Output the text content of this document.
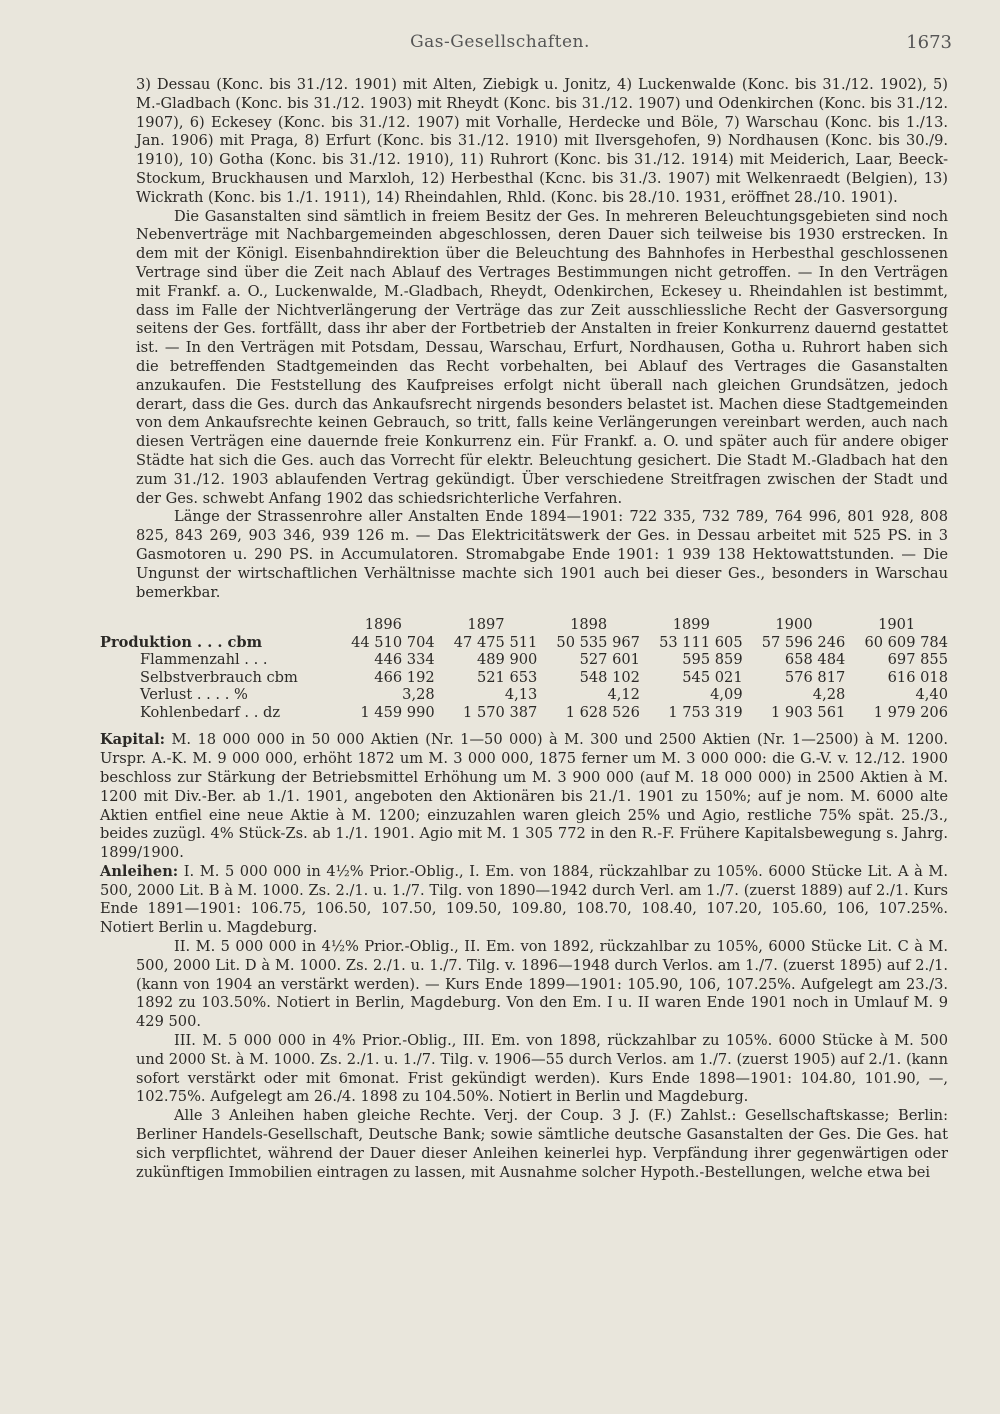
Gas-Gesellschaften.	1673

3) Dessau (Konc. bis 31./12. 1901) mit Alten, Ziebigk u. Jonitz, 4) Luckenwalde (Konc. bis 31./12. 1902), 5) M.-Gladbach (Konc. bis 31./12. 1903) mit Rheydt (Konc. bis 31./12. 1907) und Odenkirchen (Konc. bis 31./12. 1907), 6) Eckesey (Konc. bis 31./12. 1907) mit Vorhalle, Herdecke und Böle, 7) Warschau (Konc. bis 1./13. Jan. 1906) mit Praga, 8) Erfurt (Konc. bis 31./12. 1910) mit Ilversgehofen, 9) Nordhausen (Konc. bis 30./9. 1910), 10) Gotha (Konc. bis 31./12. 1910), 11) Ruhrort (Konc. bis 31./12. 1914) mit Meiderich, Laar, Beeck-Stockum, Bruckhausen und Marxloh, 12) Herbesthal (Kcnc. bis 31./3. 1907) mit Welkenraedt (Belgien), 13) Wickrath (Konc. bis 1./1. 1911), 14) Rheindahlen, Rhld. (Konc. bis 28./10. 1931, eröffnet 28./10. 1901).

Die Gasanstalten sind sämtlich in freiem Besitz der Ges. In mehreren Beleuchtungsgebieten sind noch Nebenverträge mit Nachbargemeinden abgeschlossen, deren Dauer sich teilweise bis 1930 erstrecken. In dem mit der Königl. Eisenbahndirektion über die Beleuchtung des Bahnhofes in Herbesthal geschlossenen Vertrage sind über die Zeit nach Ablauf des Vertrages Bestimmungen nicht getroffen. — In den Verträgen mit Frankf. a. O., Luckenwalde, M.-Gladbach, Rheydt, Odenkirchen, Eckesey u. Rheindahlen ist bestimmt, dass im Falle der Nichtverlängerung der Verträge das zur Zeit ausschliessliche Recht der Gasversorgung seitens der Ges. fortfällt, dass ihr aber der Fortbetrieb der Anstalten in freier Konkurrenz dauernd gestattet ist. — In den Verträgen mit Potsdam, Dessau, Warschau, Erfurt, Nordhausen, Gotha u. Ruhrort haben sich die betreffenden Stadtgemeinden das Recht vorbehalten, bei Ablauf des Vertrages die Gasanstalten anzukaufen. Die Feststellung des Kaufpreises erfolgt nicht überall nach gleichen Grundsätzen, jedoch derart, dass die Ges. durch das Ankaufsrecht nirgends besonders belastet ist. Machen diese Stadtgemeinden von dem Ankaufsrechte keinen Gebrauch, so tritt, falls keine Verlängerungen vereinbart werden, auch nach diesen Verträgen eine dauernde freie Konkurrenz ein. Für Frankf. a. O. und später auch für andere obiger Städte hat sich die Ges. auch das Vorrecht für elektr. Beleuchtung gesichert. Die Stadt M.-Gladbach hat den zum 31./12. 1903 ablaufenden Vertrag gekündigt. Über verschiedene Streitfragen zwischen der Stadt und der Ges. schwebt Anfang 1902 das schiedsrichterliche Verfahren.

Länge der Strassenrohre aller Anstalten Ende 1894—1901: 722 335, 732 789, 764 996, 801 928, 808 825, 843 269, 903 346, 939 126 m. — Das Elektricitätswerk der Ges. in Dessau arbeitet mit 525 PS. in 3 Gasmotoren u. 290 PS. in Accumulatoren. Stromabgabe Ende 1901: 1 939 138 Hektowattstunden. — Die Ungunst der wirtschaftlichen Verhältnisse machte sich 1901 auch bei dieser Ges., besonders in Warschau bemerkbar.

	1896	1897	1898	1899	1900	1901
Produktion . . . cbm	44 510 704	47 475 511	50 535 967	53 111 605	57 596 246	60 609 784
Flammenzahl . . .	446 334	489 900	527 601	595 859	658 484	697 855
Selbstverbrauch cbm	466 192	521 653	548 102	545 021	576 817	616 018
Verlust . . . . %	3,28	4,13	4,12	4,09	4,28	4,40
Kohlenbedarf . . dz	1 459 990	1 570 387	1 628 526	1 753 319	1 903 561	1 979 206

Kapital: M. 18 000 000 in 50 000 Aktien (Nr. 1—50 000) à M. 300 und 2500 Aktien (Nr. 1—2500) à M. 1200. Urspr. A.-K. M. 9 000 000, erhöht 1872 um M. 3 000 000, 1875 ferner um M. 3 000 000: die G.-V. v. 12./12. 1900 beschloss zur Stärkung der Betriebsmittel Erhöhung um M. 3 900 000 (auf M. 18 000 000) in 2500 Aktien à M. 1200 mit Div.-Ber. ab 1./1. 1901, angeboten den Aktionären bis 21./1. 1901 zu 150%; auf je nom. M. 6000 alte Aktien entfiel eine neue Aktie à M. 1200; einzuzahlen waren gleich 25% und Agio, restliche 75% spät. 25./3., beides zuzügl. 4% Stück-Zs. ab 1./1. 1901. Agio mit M. 1 305 772 in den R.-F. Frühere Kapitalsbewegung s. Jahrg. 1899/1900.

Anleihen: I. M. 5 000 000 in 4½% Prior.-Oblig., I. Em. von 1884, rückzahlbar zu 105%. 6000 Stücke Lit. A à M. 500, 2000 Lit. B à M. 1000. Zs. 2./1. u. 1./7. Tilg. von 1890—1942 durch Verl. am 1./7. (zuerst 1889) auf 2./1. Kurs Ende 1891—1901: 106.75, 106.50, 107.50, 109.50, 109.80, 108.70, 108.40, 107.20, 105.60, 106, 107.25%. Notiert Berlin u. Magdeburg.

II. M. 5 000 000 in 4½% Prior.-Oblig., II. Em. von 1892, rückzahlbar zu 105%, 6000 Stücke Lit. C à M. 500, 2000 Lit. D à M. 1000. Zs. 2./1. u. 1./7. Tilg. v. 1896—1948 durch Verlos. am 1./7. (zuerst 1895) auf 2./1. (kann von 1904 an verstärkt werden). — Kurs Ende 1899—1901: 105.90, 106, 107.25%. Aufgelegt am 23./3. 1892 zu 103.50%. Notiert in Berlin, Magdeburg. Von den Em. I u. II waren Ende 1901 noch in Umlauf M. 9 429 500.

III. M. 5 000 000 in 4% Prior.-Oblig., III. Em. von 1898, rückzahlbar zu 105%. 6000 Stücke à M. 500 und 2000 St. à M. 1000. Zs. 2./1. u. 1./7. Tilg. v. 1906—55 durch Verlos. am 1./7. (zuerst 1905) auf 2./1. (kann sofort verstärkt oder mit 6monat. Frist gekündigt werden). Kurs Ende 1898—1901: 104.80, 101.90, —, 102.75%. Aufgelegt am 26./4. 1898 zu 104.50%. Notiert in Berlin und Magdeburg.

Alle 3 Anleihen haben gleiche Rechte. Verj. der Coup. 3 J. (F.) Zahlst.: Gesellschaftskasse; Berlin: Berliner Handels-Gesellschaft, Deutsche Bank; sowie sämtliche deutsche Gasanstalten der Ges. Die Ges. hat sich verpflichtet, während der Dauer dieser Anleihen keinerlei hyp. Verpfändung ihrer gegenwärtigen oder zukünftigen Immobilien eintragen zu lassen, mit Ausnahme solcher Hypoth.-Bestellungen, welche etwa bei
